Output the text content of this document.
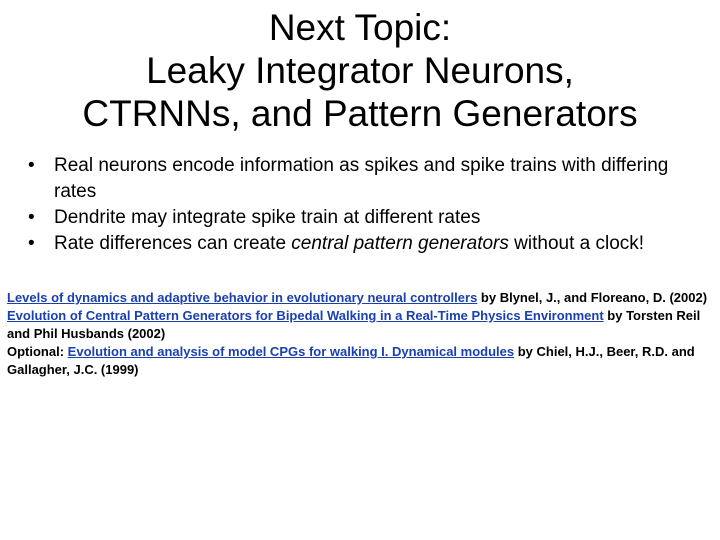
Next Topic:
Leaky Integrator Neurons,
CTRNNs, and Pattern Generators
• Real neurons encode information as spikes and spike trains with differing rates
• Dendrite may integrate spike train at different rates
• Rate differences can create central pattern generators without a clock!

Levels of dynamics and adaptive behavior in evolutionary neural controllers by Blynel, J., and Floreano, D. (2002)

Evolution of Central Pattern Generators for Bipedal Walking in a Real-Time Physics Environment by Torsten Reil and Phil Husbands (2002)

Optional: Evolution and analysis of model CPGs for walking I. Dynamical modules by Chiel, H.J., Beer, R.D. and Gallagher, J.C. (1999)
